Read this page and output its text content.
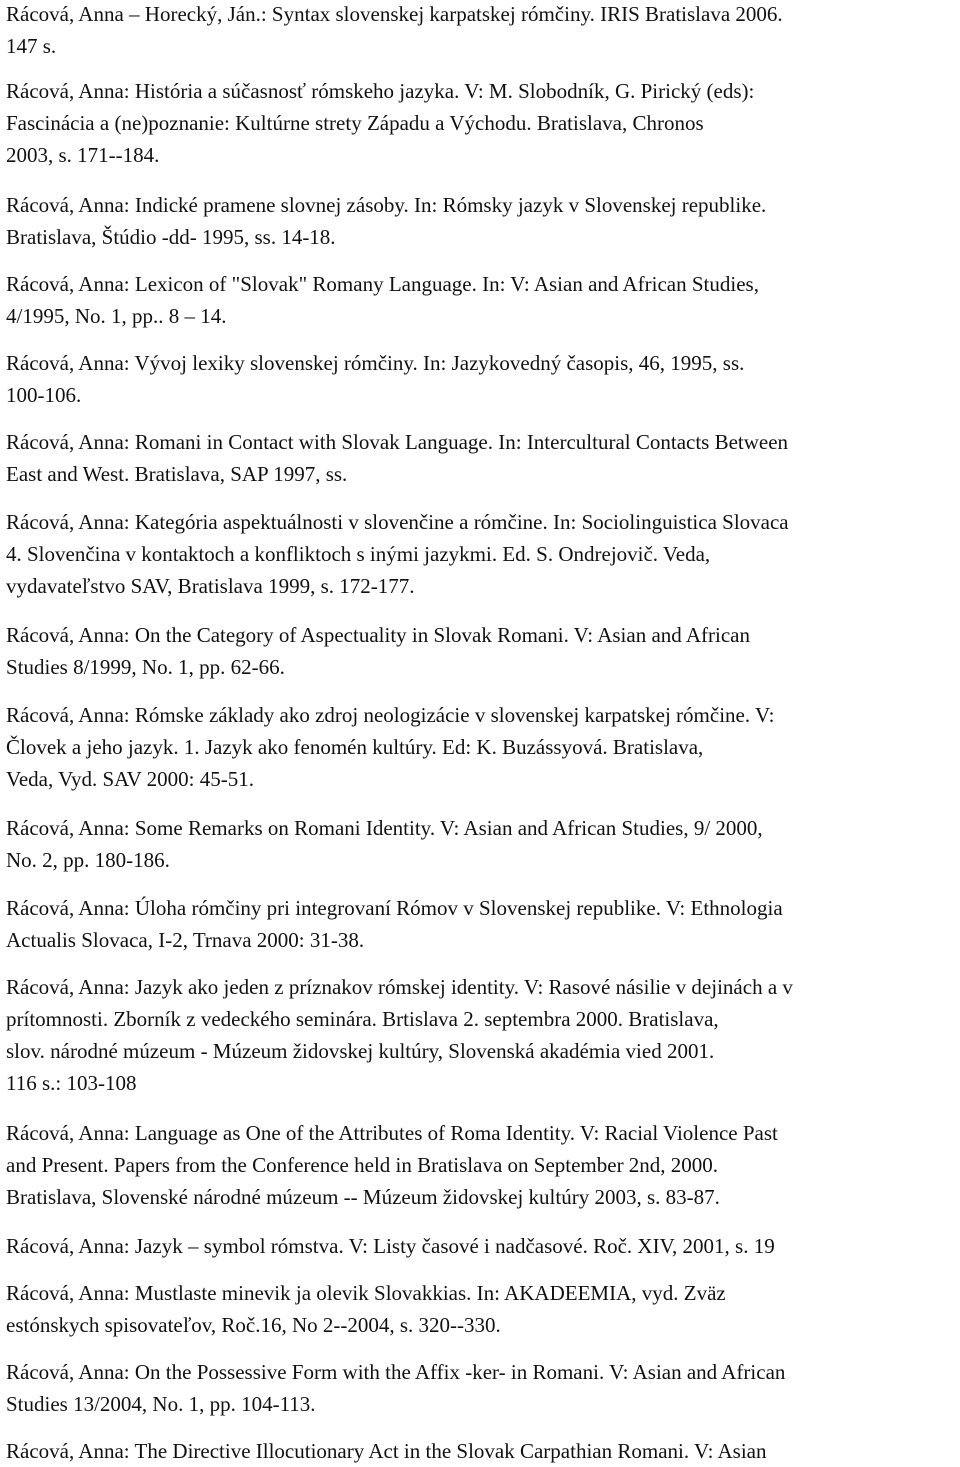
Rácová, Anna – Horecký, Ján.: Syntax slovenskej karpatskej rómčiny. IRIS Bratislava 2006.
147 s.
Rácová, Anna: História a súčasnosť rómskeho jazyka. V: M. Slobodník, G. Pirický (eds):
Fascinácia a (ne)poznanie: Kultúrne strety Západu a Východu. Bratislava, Chronos
2003, s. 171--184.
Rácová, Anna: Indické pramene slovnej zásoby. In: Rómsky jazyk v Slovenskej republike.
Bratislava, Štúdio -dd- 1995, ss. 14-18.
Rácová, Anna: Lexicon of "Slovak" Romany Language. In: V: Asian and African Studies,
4/1995, No. 1, pp.. 8 – 14.
Rácová, Anna: Vývoj lexiky slovenskej rómčiny. In: Jazykovedný časopis, 46, 1995, ss.
100-106.
Rácová, Anna: Romani in Contact with Slovak Language. In: Intercultural Contacts Between
East and West. Bratislava, SAP 1997, ss.
Rácová, Anna: Kategória aspektuálnosti v slovenčine a rómčine. In: Sociolinguistica Slovaca
4. Slovenčina v kontaktoch a konfliktoch s inými jazykmi. Ed. S. Ondrejovič. Veda,
vydavateľstvo SAV, Bratislava 1999, s. 172-177.
Rácová, Anna: On the Category of Aspectuality in Slovak Romani. V: Asian and African
Studies 8/1999, No. 1, pp. 62-66.
Rácová, Anna: Rómske základy ako zdroj neologizácie v slovenskej karpatskej rómčine. V:
Človek a jeho jazyk. 1. Jazyk ako fenomén kultúry. Ed: K. Buzássyová. Bratislava,
Veda, Vyd. SAV 2000: 45-51.
Rácová, Anna: Some Remarks on Romani Identity. V: Asian and African Studies, 9/ 2000,
No. 2, pp. 180-186.
Rácová, Anna: Úloha rómčiny pri integrovaní Rómov v Slovenskej republike. V: Ethnologia
Actualis Slovaca, I-2, Trnava 2000: 31-38.
Rácová, Anna: Jazyk ako jeden z príznakov rómskej identity. V: Rasové násilie v dejinách a v
prítomnosti. Zborník z vedeckého seminára. Brtislava 2. septembra 2000. Bratislava,
slov. národné múzeum - Múzeum židovskej kultúry, Slovenská akadémia vied 2001.
116 s.: 103-108
Rácová, Anna: Language as One of the Attributes of Roma Identity. V: Racial Violence Past
and Present. Papers from the Conference held in Bratislava on September 2nd, 2000.
Bratislava, Slovenské národné múzeum -- Múzeum židovskej kultúry 2003, s. 83-87.
Rácová, Anna: Jazyk – symbol rómstva. V: Listy časové i nadčasové. Roč. XIV, 2001, s. 19
Rácová, Anna: Mustlaste minevik ja olevik Slovakkias. In: AKADEEMIA, vyd. Zväz
estónskych spisovateľov, Roč.16, No 2--2004, s. 320--330.
Rácová, Anna: On the Possessive Form with the Affix -ker- in Romani. V: Asian and African
Studies 13/2004, No. 1, pp. 104-113.
Rácová, Anna: The Directive Illocutionary Act in the Slovak Carpathian Romani. V: Asian
